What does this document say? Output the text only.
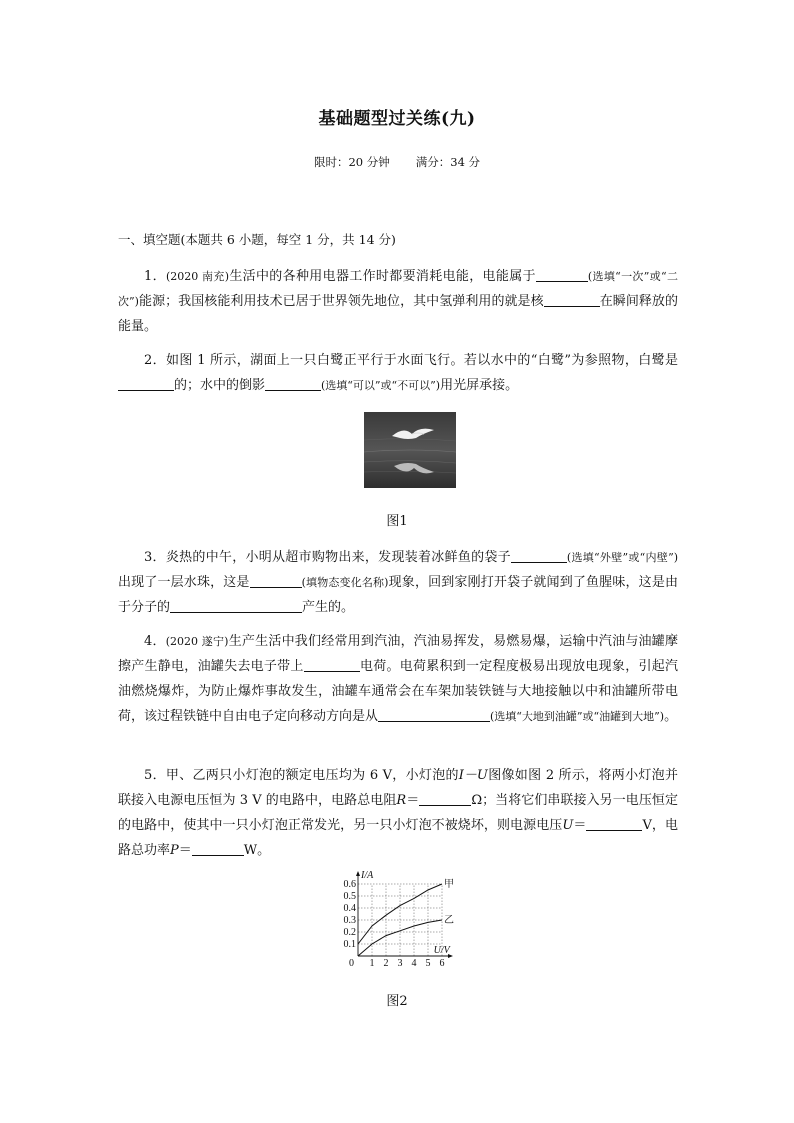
基础题型过关练(九)
限时：20 分钟 满分：34 分
一、填空题(本题共 6 小题，每空 1 分，共 14 分)
1．(2020 南充)生活中的各种用电器工作时都要消耗电能，电能属于	(选填“一次”或“二次”)能源；我国核能利用技术已居于世界领先地位，其中氢弹利用的就是核	在瞬间释放的能量。
2．如图 1 所示，湖面上一只白鹭正平行于水面飞行。若以水中的“白鹭”为参照物，白鹭是的；水中的倒影	(选填“可以”或“不可以”)用光屏承接。
图1
3．炎热的中午，小明从超市购物出来，发现装着冰鲜鱼的袋子	(选填“外壁”或“内壁”)出现了一层水珠，这是	(填物态变化名称)现象，回到家刚打开袋子就闻到了鱼腥味，这是由于分子的	产生的。
4．(2020 遂宁)生产生活中我们经常用到汽油，汽油易挥发，易燃易爆，运输中汽油与油罐摩擦产生静电，油罐失去电子带上	电荷。电荷累积到一定程度极易出现放电现象，引起汽油燃烧爆炸，为防止爆炸事故发生，油罐车通常会在车架加装铁链与大地接触以中和油罐所带电荷，该过程铁链中自由电子定向移动方向是从	(选填“大地到油罐”或“油罐到大地”)。
5．甲、乙两只小灯泡的额定电压均为 6 V，小灯泡的I－U图像如图 2 所示，将两小灯泡并联接入电源电压恒为 3 V 的电路中，电路总电阻R＝	Ω；当将它们串联接入另一电压恒定的电路中，使其中一只小灯泡正常发光，另一只小灯泡不被烧坏，则电源电压U＝	V，电路总功率P＝	W。
1 2 3 4 5 6
0.1
0.2
0.3
0.4
0.5
0.6
0
I/A
U/V
甲
乙
图2
